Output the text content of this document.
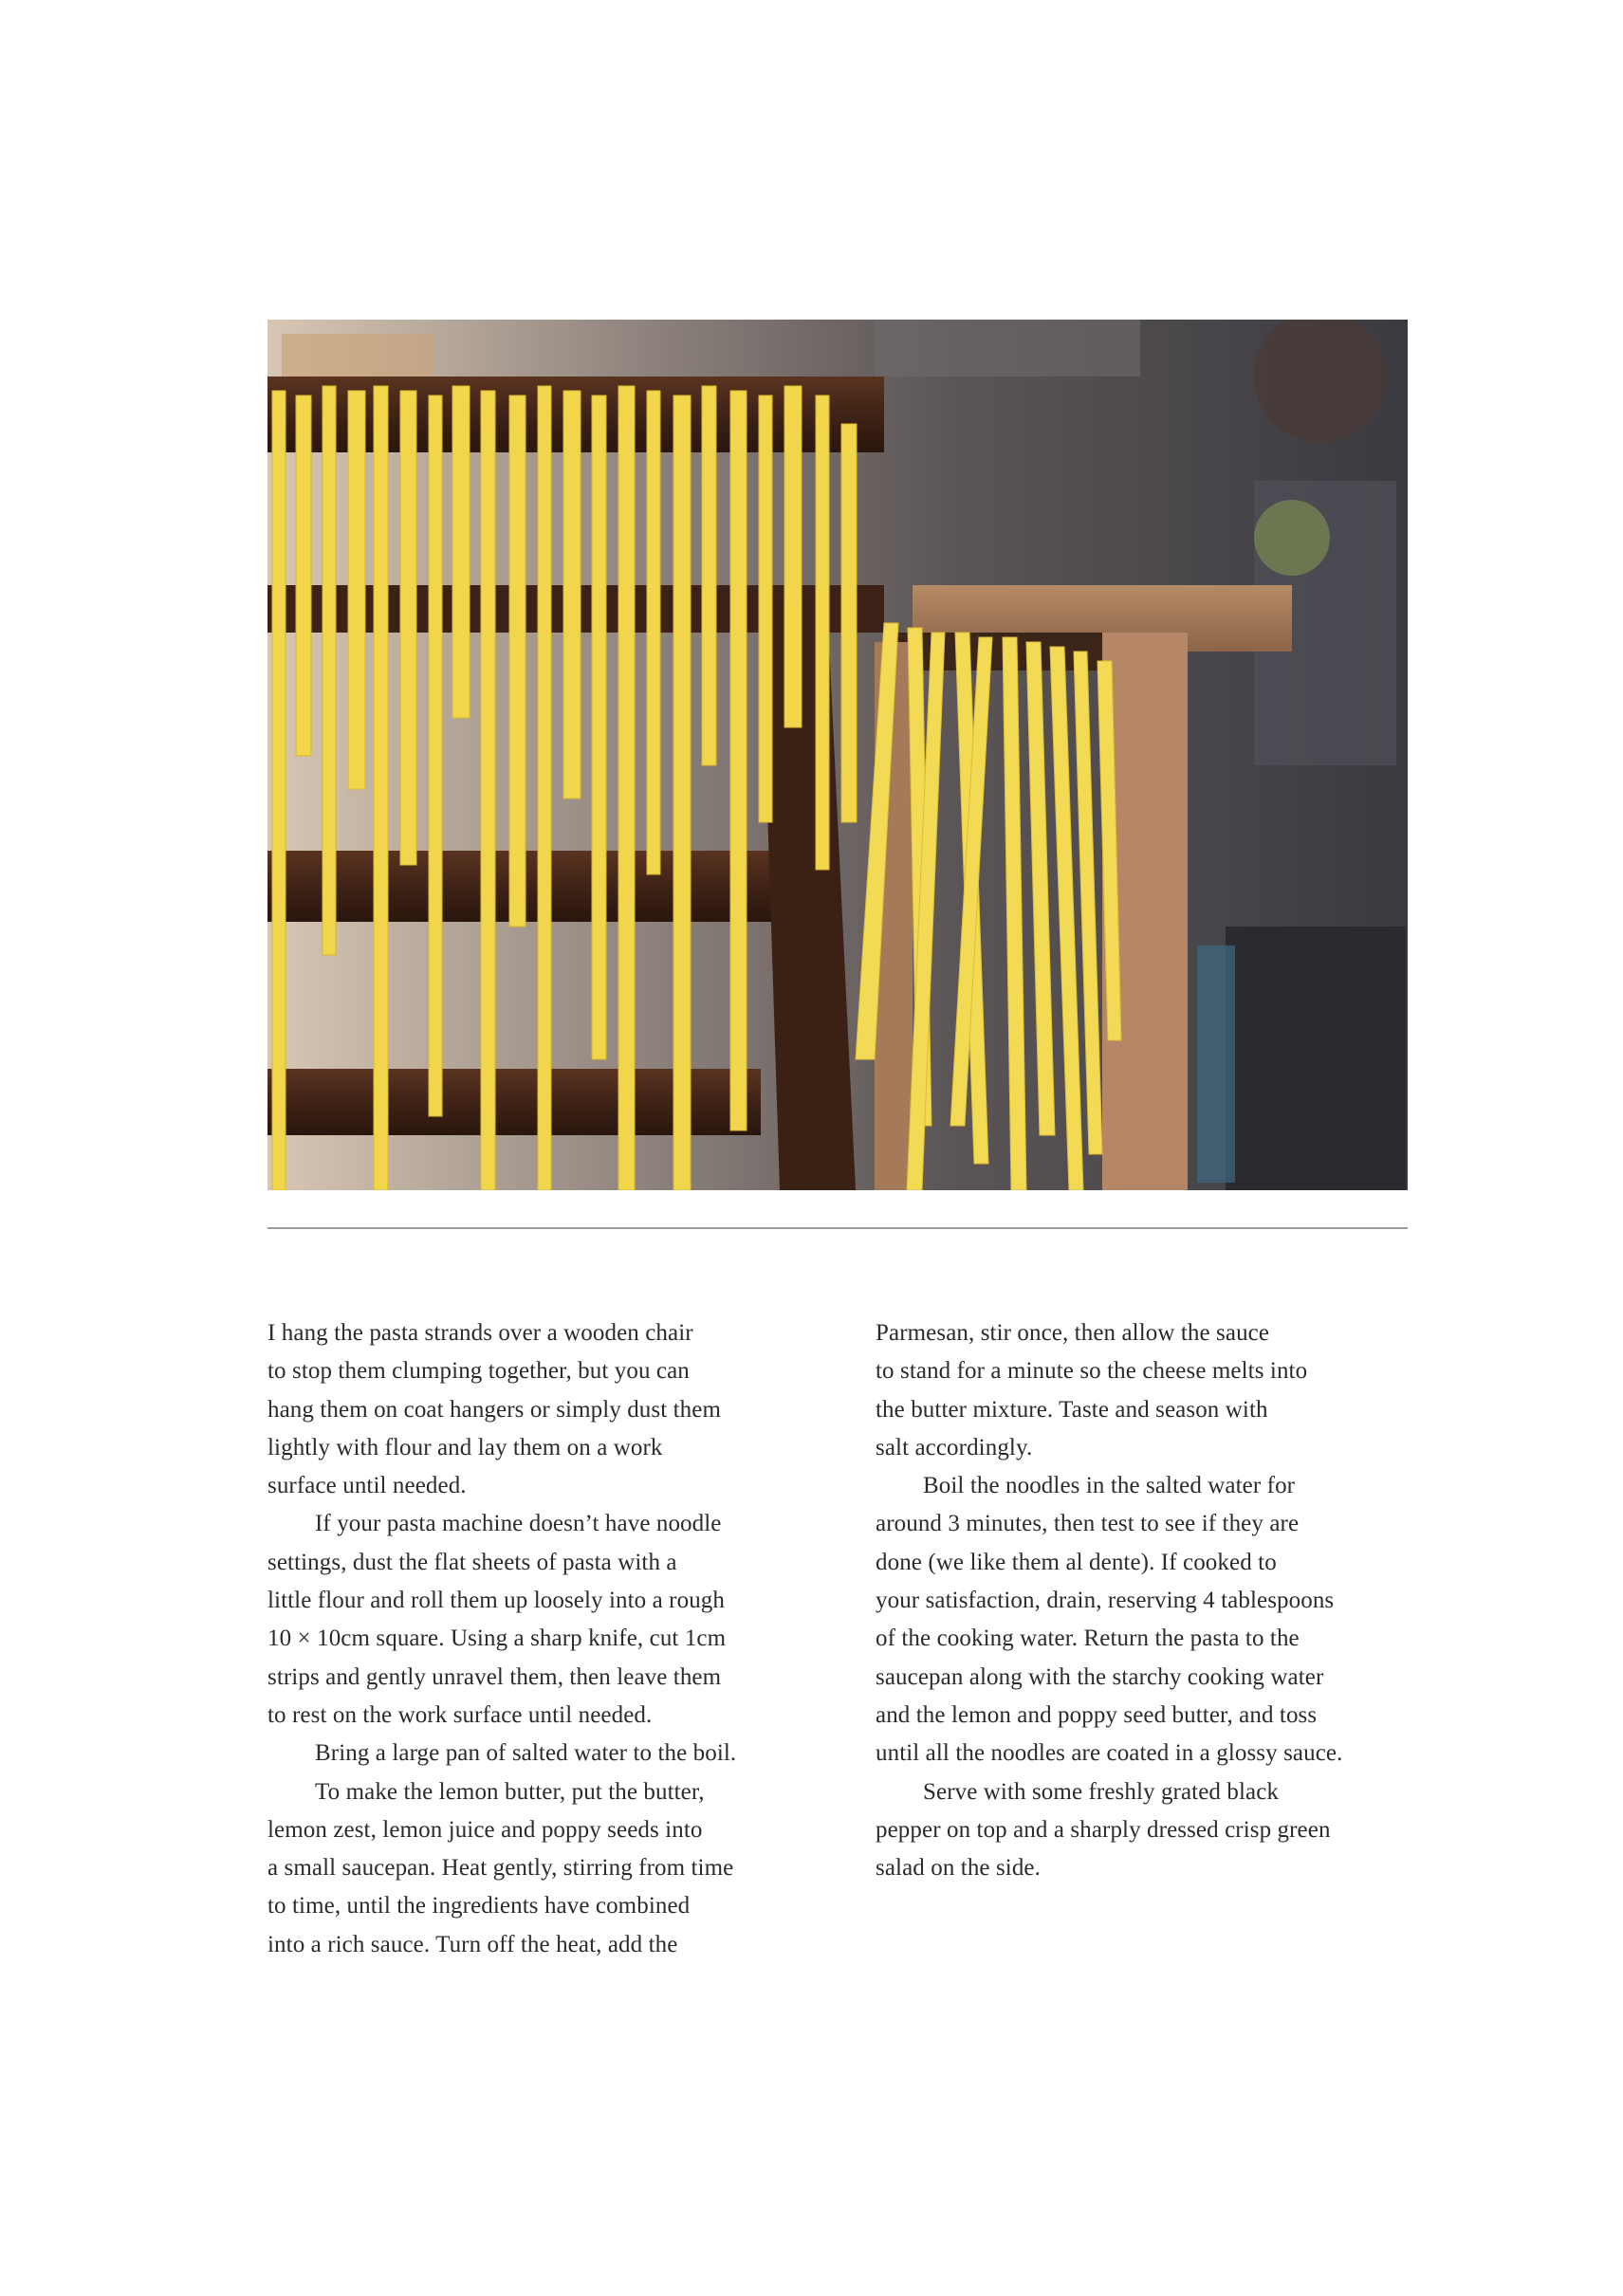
I hang the pasta strands over a wooden chair
to stop them clumping together, but you can
hang them on coat hangers or simply dust them
lightly with flour and lay them on a work
surface until needed.
If your pasta machine doesn’t have noodle
settings, dust the flat sheets of pasta with a
little flour and roll them up loosely into a rough
10 × 10cm square. Using a sharp knife, cut 1cm
strips and gently unravel them, then leave them
to rest on the work surface until needed.
Bring a large pan of salted water to the boil.
To make the lemon butter, put the butter,
lemon zest, lemon juice and poppy seeds into
a small saucepan. Heat gently, stirring from time
to time, until the ingredients have combined
into a rich sauce. Turn off the heat, add the
Parmesan, stir once, then allow the sauce
to stand for a minute so the cheese melts into
the butter mixture. Taste and season with
salt accordingly.
Boil the noodles in the salted water for
around 3 minutes, then test to see if they are
done (we like them al dente). If cooked to
your satisfaction, drain, reserving 4 tablespoons
of the cooking water. Return the pasta to the
saucepan along with the starchy cooking water
and the lemon and poppy seed butter, and toss
until all the noodles are coated in a glossy sauce.
Serve with some freshly grated black
pepper on top and a sharply dressed crisp green
salad on the side.
